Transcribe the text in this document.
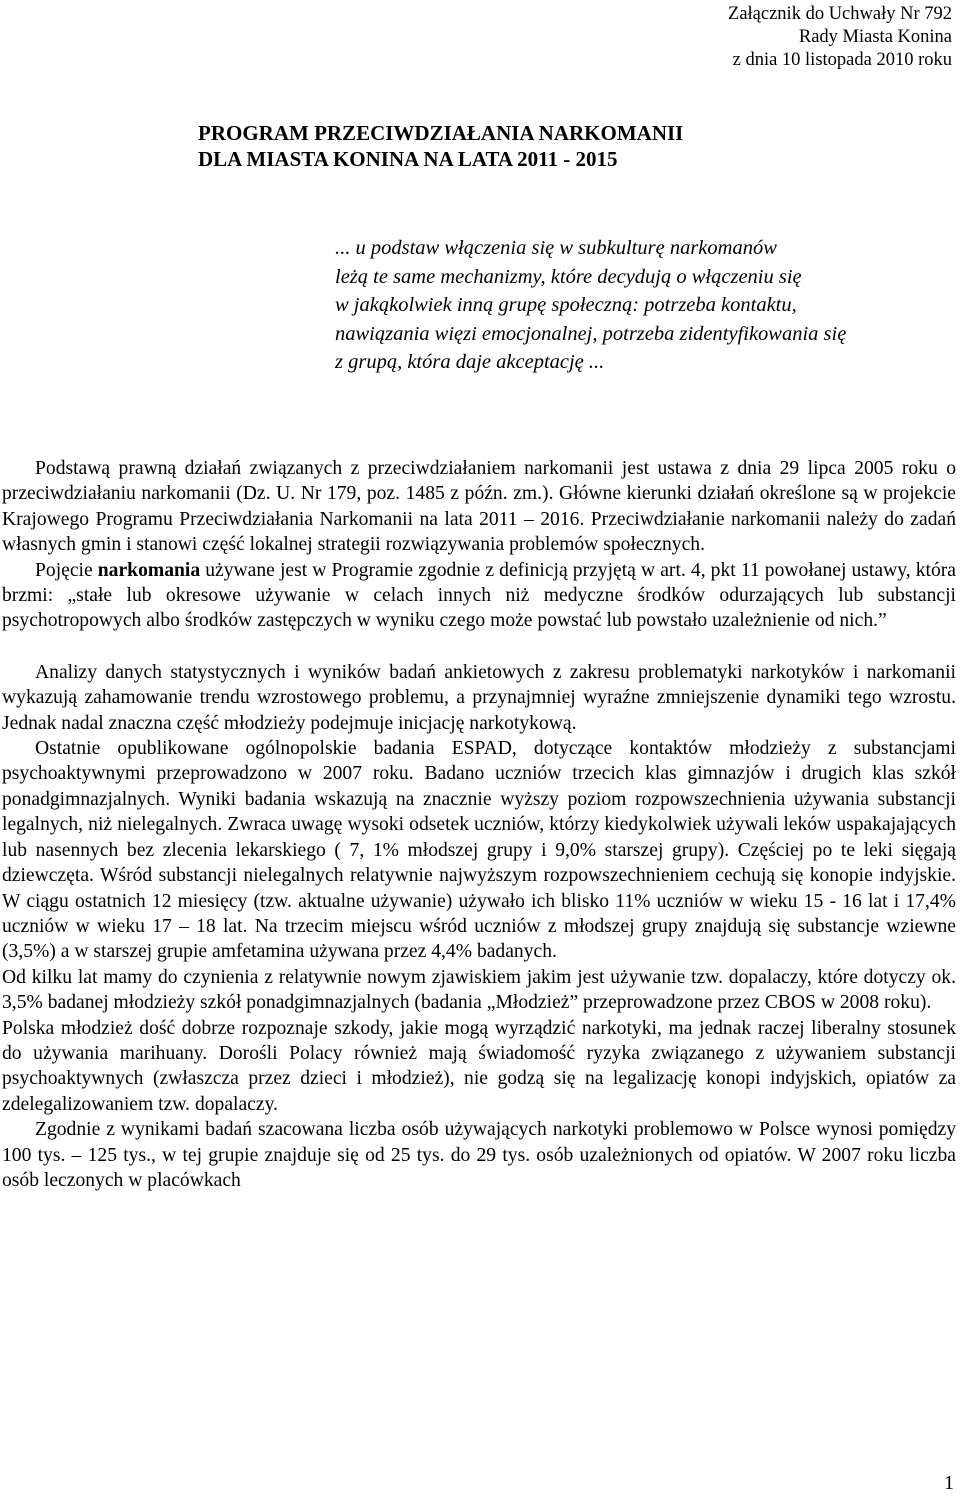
Załącznik do Uchwały Nr 792
Rady Miasta Konina
z dnia 10 listopada 2010 roku
PROGRAM PRZECIWDZIAŁANIA NARKOMANII
DLA MIASTA KONINA NA LATA 2011 - 2015
... u podstaw włączenia się w subkulturę narkomanów
leżą te same mechanizmy, które decydują o włączeniu się
w jakąkolwiek inną grupę społeczną: potrzeba kontaktu,
nawiązania więzi emocjonalnej, potrzeba zidentyfikowania się
z grupą, która daje akceptację ...

Podstawą prawną działań związanych z przeciwdziałaniem narkomanii jest ustawa z dnia 29 lipca 2005 roku o przeciwdziałaniu narkomanii (Dz. U. Nr 179, poz. 1485 z późn. zm.). Główne kierunki działań określone są w projekcie Krajowego Programu Przeciwdziałania Narkomanii na lata 2011 – 2016. Przeciwdziałanie narkomanii należy do zadań własnych gmin i stanowi część lokalnej strategii rozwiązywania problemów społecznych.

Pojęcie narkomania używane jest w Programie zgodnie z definicją przyjętą w art. 4, pkt 11 powołanej ustawy, która brzmi: „stałe lub okresowe używanie w celach innych niż medyczne środków odurzających lub substancji psychotropowych albo środków zastępczych w wyniku czego może powstać lub powstało uzależnienie od nich.”

Analizy danych statystycznych i wyników badań ankietowych z zakresu problematyki narkotyków i narkomanii wykazują zahamowanie trendu wzrostowego problemu, a przynajmniej wyraźne zmniejszenie dynamiki tego wzrostu. Jednak nadal znaczna część młodzieży podejmuje inicjację narkotykową.

Ostatnie opublikowane ogólnopolskie badania ESPAD, dotyczące kontaktów młodzieży z substancjami psychoaktywnymi przeprowadzono w 2007 roku. Badano uczniów trzecich klas gimnazjów i drugich klas szkół ponadgimnazjalnych. Wyniki badania wskazują na znacznie wyższy poziom rozpowszechnienia używania substancji legalnych, niż nielegalnych. Zwraca uwagę wysoki odsetek uczniów, którzy kiedykolwiek używali leków uspakajających lub nasennych bez zlecenia lekarskiego ( 7, 1% młodszej grupy i 9,0% starszej grupy). Częściej po te leki sięgają dziewczęta. Wśród substancji nielegalnych relatywnie najwyższym rozpowszechnieniem cechują się konopie indyjskie. W ciągu ostatnich 12 miesięcy (tzw. aktualne używanie) używało ich blisko 11% uczniów w wieku 15 - 16 lat i 17,4% uczniów w wieku 17 – 18 lat. Na trzecim miejscu wśród uczniów z młodszej grupy znajdują się substancje wziewne (3,5%) a w starszej grupie amfetamina używana przez 4,4% badanych.

Od kilku lat mamy do czynienia z relatywnie nowym zjawiskiem jakim jest używanie tzw. dopalaczy, które dotyczy ok. 3,5% badanej młodzieży szkół ponadgimnazjalnych (badania „Młodzież” przeprowadzone przez CBOS w 2008 roku).

Polska młodzież dość dobrze rozpoznaje szkody, jakie mogą wyrządzić narkotyki, ma jednak raczej liberalny stosunek do używania marihuany. Dorośli Polacy również mają świadomość ryzyka związanego z używaniem substancji psychoaktywnych (zwłaszcza przez dzieci i młodzież), nie godzą się na legalizację konopi indyjskich, opiatów za zdelegalizowaniem tzw. dopalaczy.

Zgodnie z wynikami badań szacowana liczba osób używających narkotyki problemowo w Polsce wynosi pomiędzy 100 tys. – 125 tys., w tej grupie znajduje się od 25 tys. do 29 tys. osób uzależnionych od opiatów. W 2007 roku liczba osób leczonych w placówkach

1
